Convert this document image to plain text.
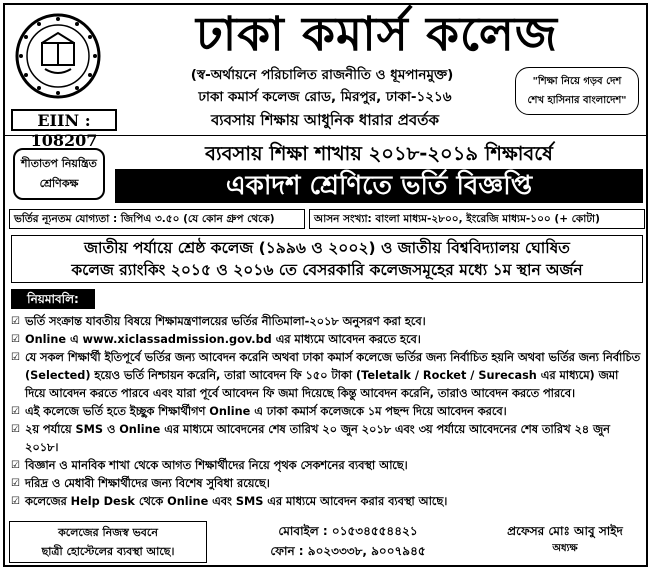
EIIN : 108207
ঢাকা কমার্স কলেজ
(স্ব-অর্থায়নে পরিচালিত রাজনীতি ও ধূমপানমুক্ত)
ঢাকা কমার্স কলেজ রোড, মিরপুর, ঢাকা-১২১৬
ব্যবসায় শিক্ষায় আধুনিক ধারার প্রবর্তক
"শিক্ষা নিয়ে গড়ব দেশ
শেখ হাসিনার বাংলাদেশ"
শীতাতপ নিয়ন্ত্রিত
শ্রেণিকক্ষ
ব্যবসায় শিক্ষা শাখায় ২০১৮-২০১৯ শিক্ষাবর্ষে
একাদশ শ্রেণিতে ভর্তি বিজ্ঞপ্তি
ভর্তির ন্যূনতম যোগ্যতা : জিপিএ ৩.৫০ (যে কোন গ্রুপ থেকে)	আসন সংখ্যা: বাংলা মাধ্যম-২৮০০, ইংরেজি মাধ্যম-১০০ (+ কোটা)
জাতীয় পর্যায়ে শ্রেষ্ঠ কলেজ (১৯৯৬ ও ২০০২) ও জাতীয় বিশ্ববিদ্যালয় ঘোষিত
কলেজ র‌্যাংকিং ২০১৫ ও ২০১৬ তে বেসরকারি কলেজসমূহের মধ্যে ১ম স্থান অর্জন
নিয়মাবলি:
☑ ভর্তি সংক্রান্ত যাবতীয় বিষয়ে শিক্ষামন্ত্রণালয়ের ভর্তির নীতিমালা-২০১৮ অনুসরণ করা হবে।
☑ Online এ www.xiclassadmission.gov.bd এর মাধ্যমে আবেদন করতে হবে।
☑ যে সকল শিক্ষার্থী ইতিপূর্বে ভর্তির জন্য আবেদন করেনি অথবা ঢাকা কমার্স কলেজে ভর্তির জন্য নির্বাচিত হয়নি অথবা ভর্তির জন্য নির্বাচিত (Selected) হয়েও ভর্তি নিশ্চায়ন করেনি, তারা আবেদন ফি ১৫০ টাকা (Teletalk / Rocket / Surecash এর মাধ্যমে) জমা দিয়ে আবেদন করতে পারবে এবং যারা পূর্বে আবেদন ফি জমা দিয়েছে কিন্তু আবেদন করেনি, তারাও আবেদন করতে পারবে।
☑ এই কলেজে ভর্তি হতে ইচ্ছুক শিক্ষার্থীগণ Online এ ঢাকা কমার্স কলেজকে ১ম পছন্দ দিয়ে আবেদন করবে।
☑ ২য় পর্যায়ে SMS ও Online এর মাধ্যমে আবেদনের শেষ তারিখ ২০ জুন ২০১৮ এবং ৩য় পর্যায়ে আবেদনের শেষ তারিখ ২৪ জুন ২০১৮।
☑ বিজ্ঞান ও মানবিক শাখা থেকে আগত শিক্ষার্থীদের নিয়ে পৃথক সেকশনের ব্যবস্থা আছে।
☑ দরিদ্র ও মেধাবী শিক্ষার্থীদের জন্য বিশেষ সুবিধা রয়েছে।
☑ কলেজের Help Desk থেকে Online এবং SMS এর মাধ্যমে আবেদন করার ব্যবস্থা আছে।
কলেজের নিজস্ব ভবনে
ছাত্রী হোস্টেলের ব্যবস্থা আছে।
মোবাইল : ০১৫৩৪৫৫৪৪২১
ফোন : ৯০২৩৩৩৮, ৯০০৭৯৪৫
প্রফেসর মোঃ আবু সাইদ
অধ্যক্ষ
